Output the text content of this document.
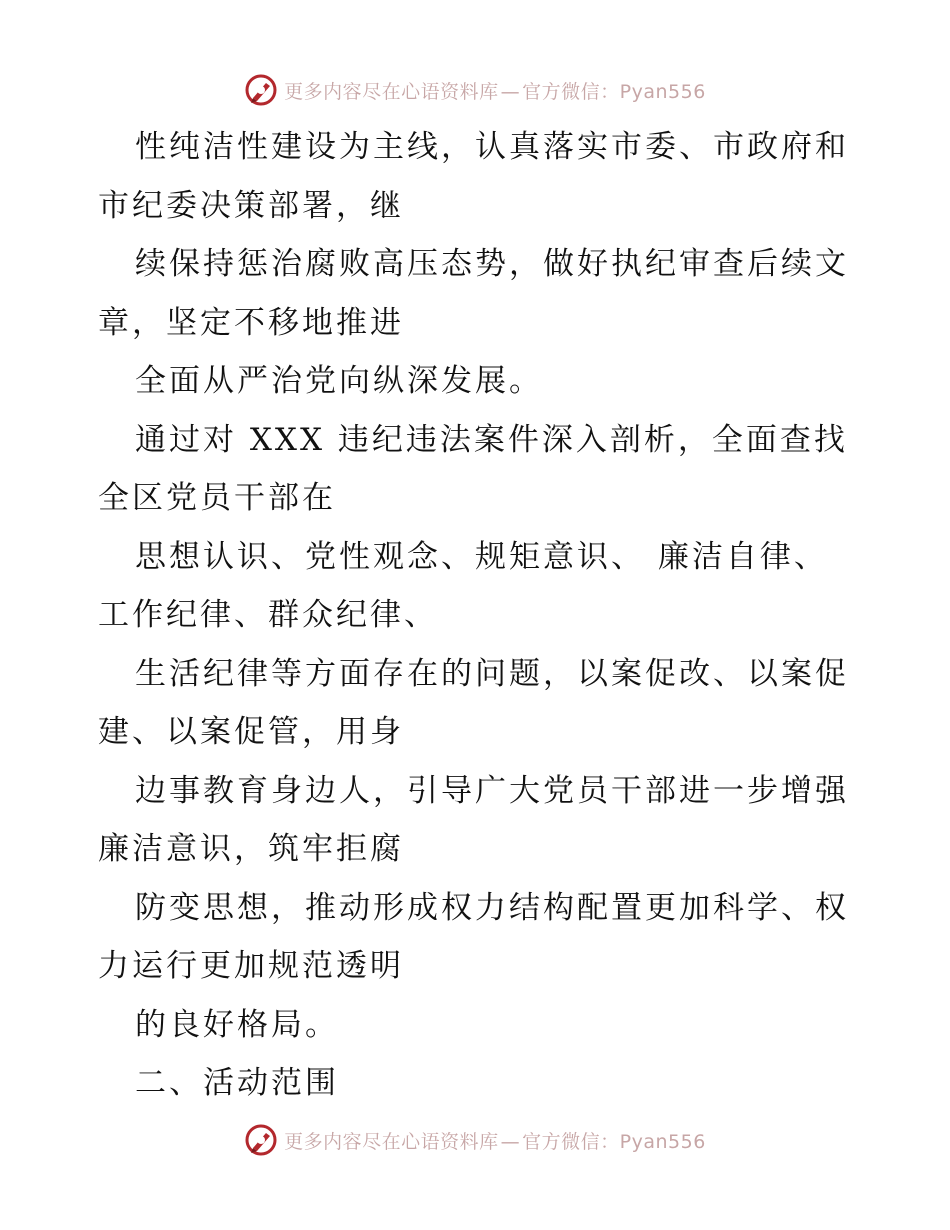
更多内容尽在心语资料库 — 官方微信：Pyan556

性纯洁性建设为主线，认真落实市委、市政府和
市纪委决策部署，继

续保持惩治腐败高压态势，做好执纪审查后续文
章，坚定不移地推进

全面从严治党向纵深发展。

通过对 XXX 违纪违法案件深入剖析，全面查找
全区党员干部在

思想认识、党性观念、规矩意识、 廉洁自律、
工作纪律、群众纪律、

生活纪律等方面存在的问题，以案促改、以案促
建、以案促管，用身

边事教育身边人，引导广大党员干部进一步增强
廉洁意识，筑牢拒腐

防变思想，推动形成权力结构配置更加科学、权
力运行更加规范透明

的良好格局。

二、活动范围

更多内容尽在心语资料库 — 官方微信：Pyan556
